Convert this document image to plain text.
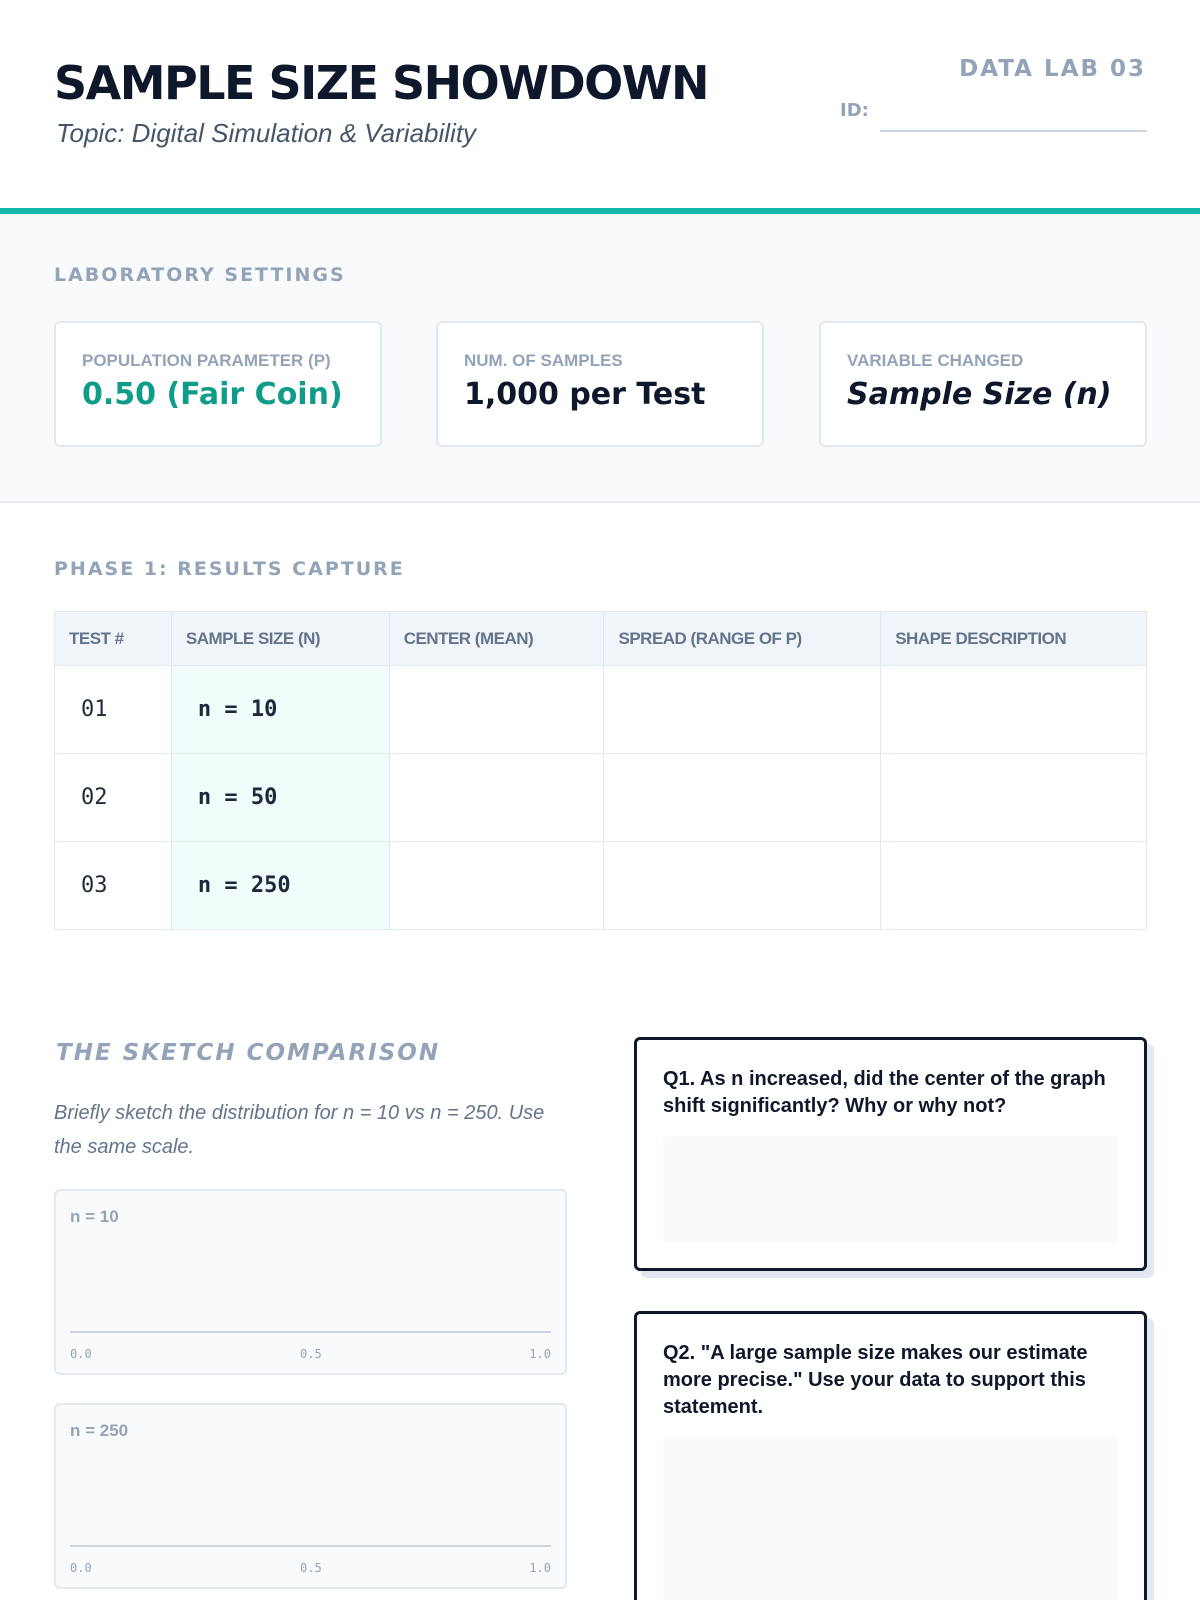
SAMPLE SIZE SHOWDOWN
Topic: Digital Simulation & Variability
DATA LAB 03
ID:
LABORATORY SETTINGS
POPULATION PARAMETER (P)
0.50 (Fair Coin)
NUM. OF SAMPLES
1,000 per Test
VARIABLE CHANGED
Sample Size (n)
PHASE 1: RESULTS CAPTURE
TEST #	SAMPLE SIZE (N)	CENTER (MEAN)	SPREAD (RANGE OF P)	SHAPE DESCRIPTION
01	n = 10			
02	n = 50			
03	n = 250			
THE SKETCH COMPARISON
Briefly sketch the distribution for n = 10 vs n = 250. Use the same scale.
n = 10
0.0	0.5	1.0
n = 250
0.0	0.5	1.0
Q1. As n increased, did the center of the graph shift significantly? Why or why not?
Q2. "A large sample size makes our estimate more precise." Use your data to support this statement.
